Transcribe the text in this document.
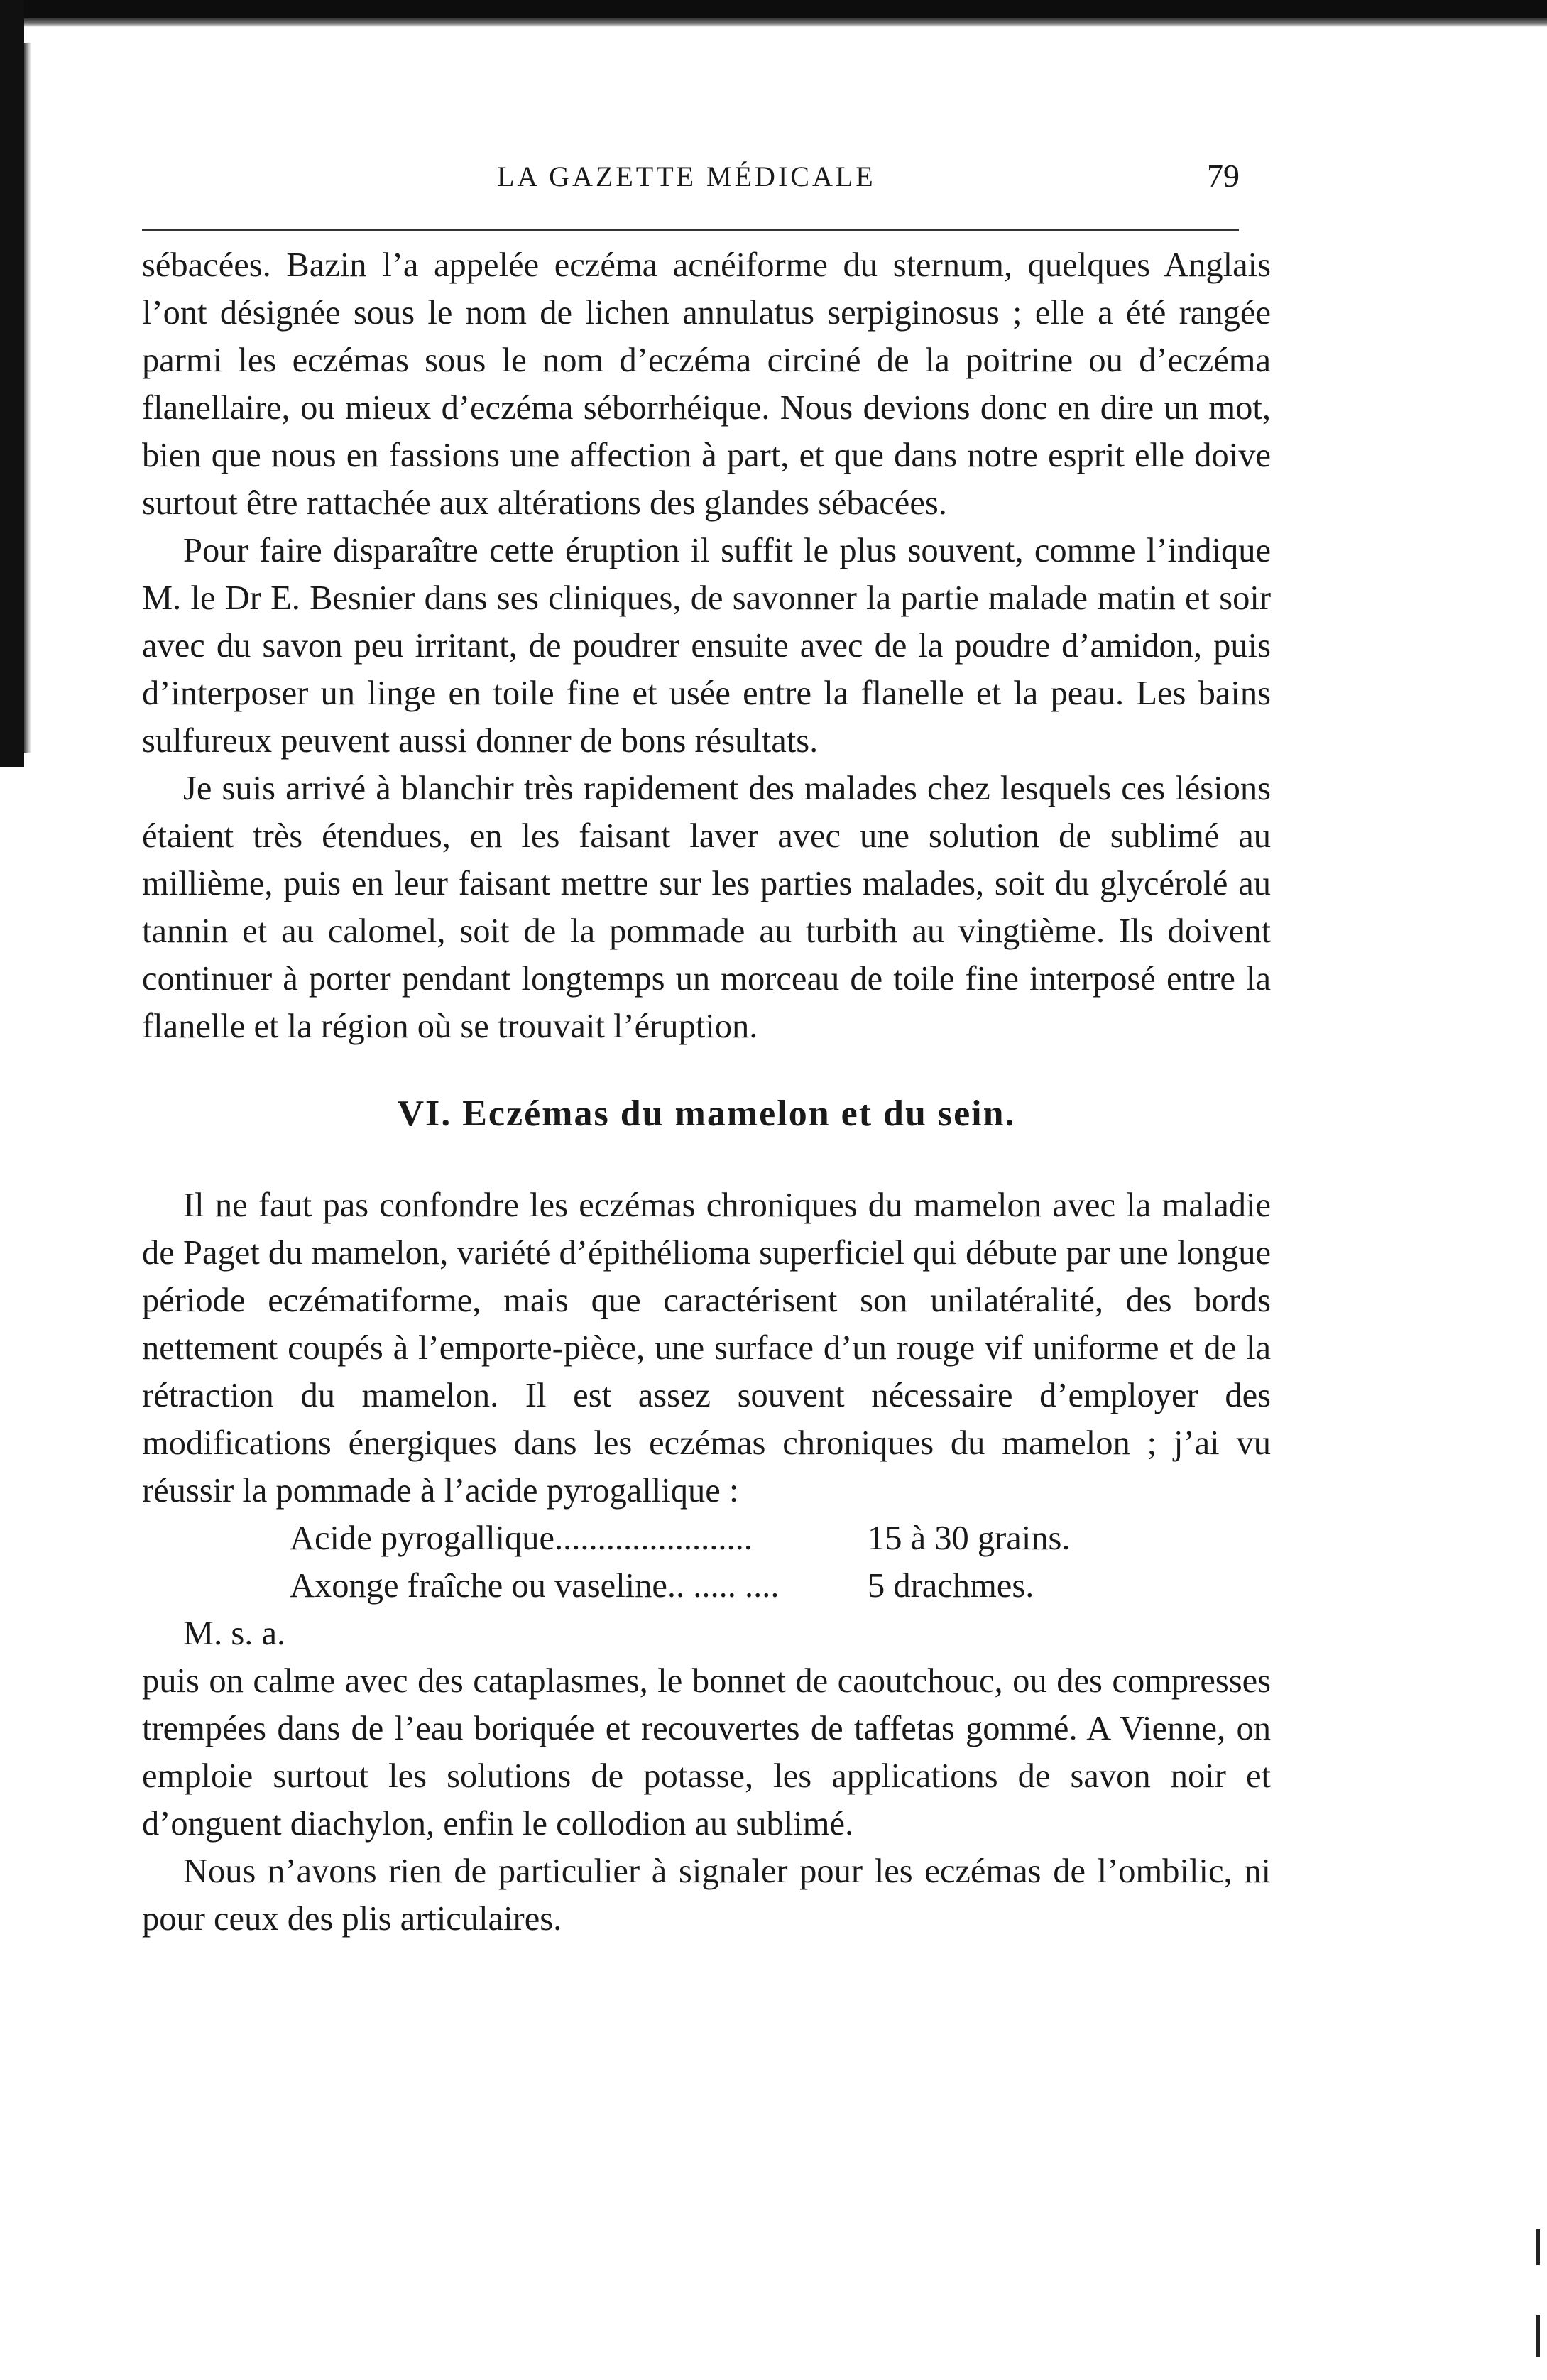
LA GAZETTE MÉDICALE	79

sébacées. Bazin l’a appelée eczéma acnéiforme du sternum, quelques Anglais l’ont désignée sous le nom de lichen annulatus serpiginosus ; elle a été rangée parmi les eczémas sous le nom d’eczéma circiné de la poitrine ou d’eczéma flanellaire, ou mieux d’eczéma séborrhéique. Nous devions donc en dire un mot, bien que nous en fassions une affection à part, et que dans notre esprit elle doive surtout être rattachée aux altérations des glandes sébacées.

Pour faire disparaître cette éruption il suffit le plus souvent, comme l’indique M. le Dr E. Besnier dans ses cliniques, de savonner la partie malade matin et soir avec du savon peu irritant, de poudrer ensuite avec de la poudre d’amidon, puis d’interposer un linge en toile fine et usée entre la flanelle et la peau. Les bains sulfureux peuvent aussi donner de bons résultats.

Je suis arrivé à blanchir très rapidement des malades chez lesquels ces lésions étaient très étendues, en les faisant laver avec une solution de sublimé au millième, puis en leur faisant mettre sur les parties malades, soit du glycérolé au tannin et au calomel, soit de la pommade au turbith au vingtième. Ils doivent continuer à porter pendant longtemps un morceau de toile fine interposé entre la flanelle et la région où se trouvait l’éruption.

VI. Eczémas du mamelon et du sein.

Il ne faut pas confondre les eczémas chroniques du mamelon avec la maladie de Paget du mamelon, variété d’épithélioma superficiel qui débute par une longue période eczématiforme, mais que caractérisent son unilatéralité, des bords nettement coupés à l’emporte-pièce, une surface d’un rouge vif uniforme et de la rétraction du mamelon. Il est assez souvent nécessaire d’employer des modifications énergiques dans les eczémas chroniques du mamelon ; j’ai vu réussir la pommade à l’acide pyrogallique :

Acide pyrogallique.......................	15 à 30 grains.
Axonge fraîche ou vaseline.. ..... ....	5 drachmes.

M. s. a.

puis on calme avec des cataplasmes, le bonnet de caoutchouc, ou des compresses trempées dans de l’eau boriquée et recouvertes de taffetas gommé. A Vienne, on emploie surtout les solutions de potasse, les applications de savon noir et d’onguent diachylon, enfin le collodion au sublimé.

Nous n’avons rien de particulier à signaler pour les eczémas de l’ombilic, ni pour ceux des plis articulaires.
